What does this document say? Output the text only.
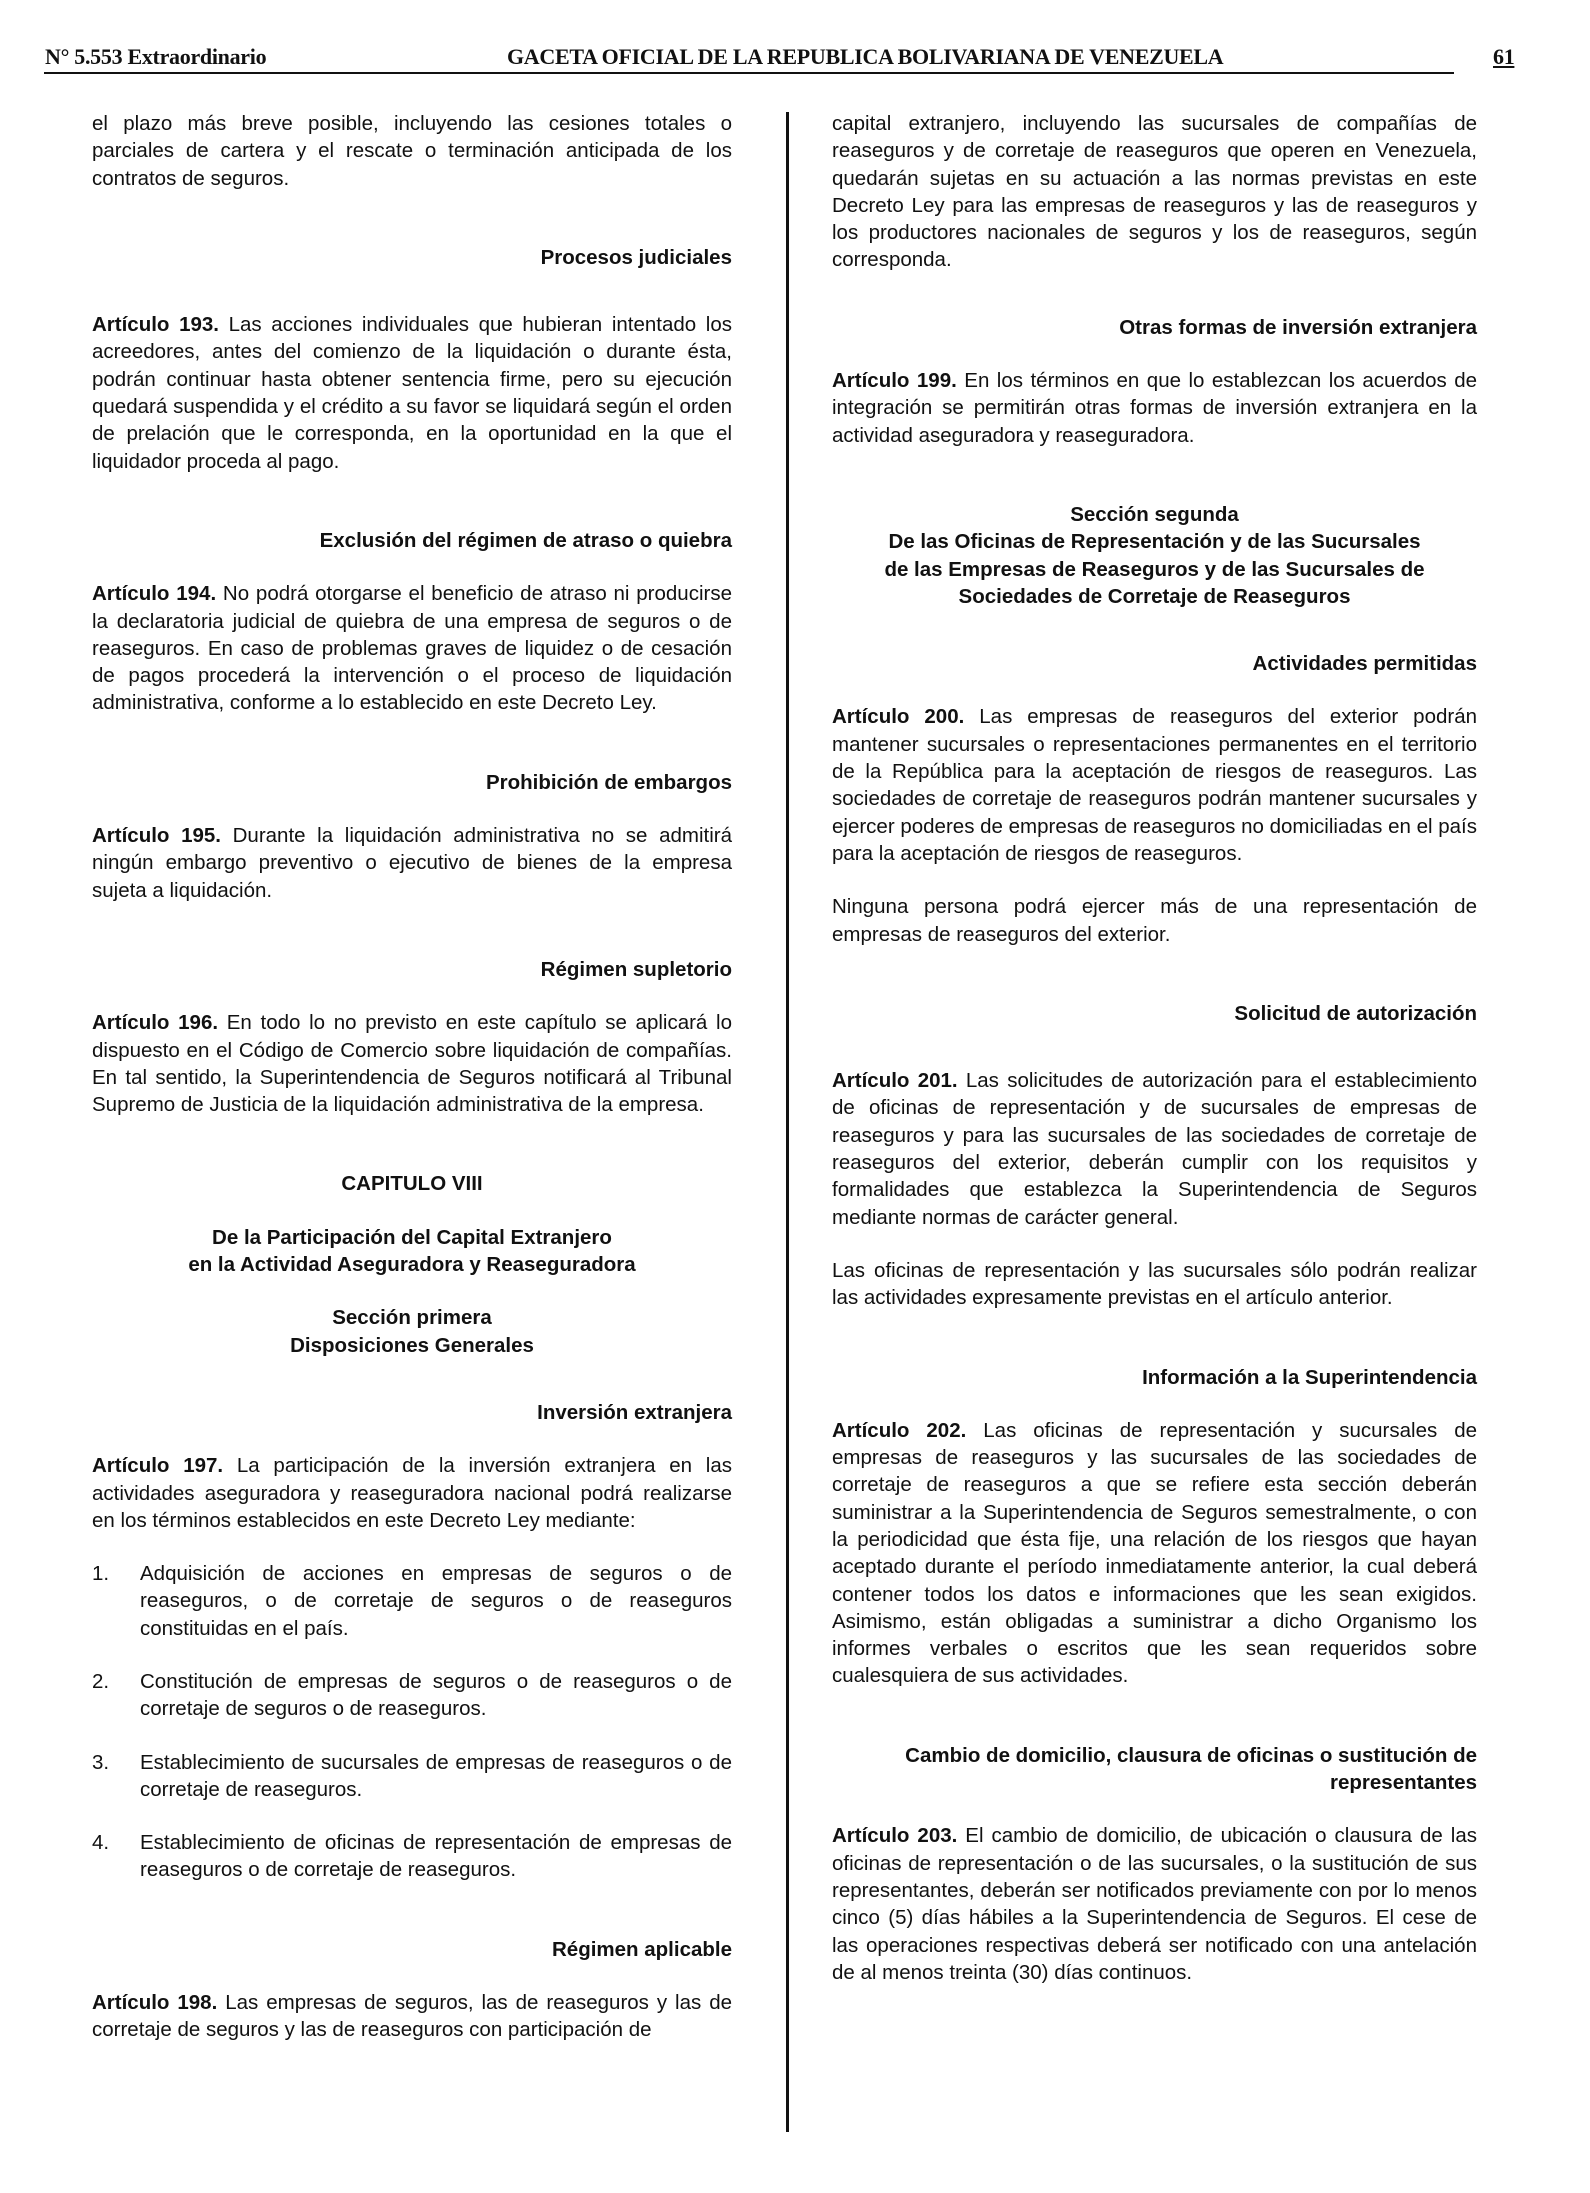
N° 5.553 Extraordinario	GACETA OFICIAL DE LA REPUBLICA BOLIVARIANA DE VENEZUELA	61

el plazo más breve posible, incluyendo las cesiones totales o parciales de cartera y el rescate o terminación anticipada de los contratos de seguros.

Procesos judiciales

Artículo 193. Las acciones individuales que hubieran intentado los acreedores, antes del comienzo de la liquidación o durante ésta, podrán continuar hasta obtener sentencia firme, pero su ejecución quedará suspendida y el crédito a su favor se liquidará según el orden de prelación que le corresponda, en la oportunidad en la que el liquidador proceda al pago.

Exclusión del régimen de atraso o quiebra

Artículo 194. No podrá otorgarse el beneficio de atraso ni producirse la declaratoria judicial de quiebra de una empresa de seguros o de reaseguros. En caso de problemas graves de liquidez o de cesación de pagos procederá la intervención o el proceso de liquidación administrativa, conforme a lo establecido en este Decreto Ley.

Prohibición de embargos

Artículo 195. Durante la liquidación administrativa no se admitirá ningún embargo preventivo o ejecutivo de bienes de la empresa sujeta a liquidación.

Régimen supletorio

Artículo 196. En todo lo no previsto en este capítulo se aplicará lo dispuesto en el Código de Comercio sobre liquidación de compañías. En tal sentido, la Superintendencia de Seguros notificará al Tribunal Supremo de Justicia de la liquidación administrativa de la empresa.

CAPITULO VIII

De la Participación del Capital Extranjero

en la Actividad Aseguradora y Reaseguradora

Sección primera

Disposiciones Generales

Inversión extranjera

Artículo 197. La participación de la inversión extranjera en las actividades aseguradora y reaseguradora nacional podrá realizarse en los términos establecidos en este Decreto Ley mediante:

1. Adquisición de acciones en empresas de seguros o de reaseguros, o de corretaje de seguros o de reaseguros constituidas en el país.
2. Constitución de empresas de seguros o de reaseguros o de corretaje de seguros o de reaseguros.
3. Establecimiento de sucursales de empresas de reaseguros o de corretaje de reaseguros.
4. Establecimiento de oficinas de representación de empresas de reaseguros o de corretaje de reaseguros.

Régimen aplicable

Artículo 198. Las empresas de seguros, las de reaseguros y las de corretaje de seguros y las de reaseguros con participación de

capital extranjero, incluyendo las sucursales de compañías de reaseguros y de corretaje de reaseguros que operen en Venezuela, quedarán sujetas en su actuación a las normas previstas en este Decreto Ley para las empresas de reaseguros y las de reaseguros y los productores nacionales de seguros y los de reaseguros, según corresponda.

Otras formas de inversión extranjera

Artículo 199. En los términos en que lo establezcan los acuerdos de integración se permitirán otras formas de inversión extranjera en la actividad aseguradora y reaseguradora.

Sección segunda

De las Oficinas de Representación y de las Sucursales

de las Empresas de Reaseguros y de las Sucursales de

Sociedades de Corretaje de Reaseguros

Actividades permitidas

Artículo 200. Las empresas de reaseguros del exterior podrán mantener sucursales o representaciones permanentes en el territorio de la República para la aceptación de riesgos de reaseguros. Las sociedades de corretaje de reaseguros podrán mantener sucursales y ejercer poderes de empresas de reaseguros no domiciliadas en el país para la aceptación de riesgos de reaseguros.

Ninguna persona podrá ejercer más de una representación de empresas de reaseguros del exterior.

Solicitud de autorización

Artículo 201. Las solicitudes de autorización para el establecimiento de oficinas de representación y de sucursales de empresas de reaseguros y para las sucursales de las sociedades de corretaje de reaseguros del exterior, deberán cumplir con los requisitos y formalidades que establezca la Superintendencia de Seguros mediante normas de carácter general.

Las oficinas de representación y las sucursales sólo podrán realizar las actividades expresamente previstas en el artículo anterior.

Información a la Superintendencia

Artículo 202. Las oficinas de representación y sucursales de empresas de reaseguros y las sucursales de las sociedades de corretaje de reaseguros a que se refiere esta sección deberán suministrar a la Superintendencia de Seguros semestralmente, o con la periodicidad que ésta fije, una relación de los riesgos que hayan aceptado durante el período inmediatamente anterior, la cual deberá contener todos los datos e informaciones que les sean exigidos. Asimismo, están obligadas a suministrar a dicho Organismo los informes verbales o escritos que les sean requeridos sobre cualesquiera de sus actividades.

Cambio de domicilio, clausura de oficinas o sustitución de

representantes

Artículo 203. El cambio de domicilio, de ubicación o clausura de las oficinas de representación o de las sucursales, o la sustitución de sus representantes, deberán ser notificados previamente con por lo menos cinco (5) días hábiles a la Superintendencia de Seguros. El cese de las operaciones respectivas deberá ser notificado con una antelación de al menos treinta (30) días continuos.
